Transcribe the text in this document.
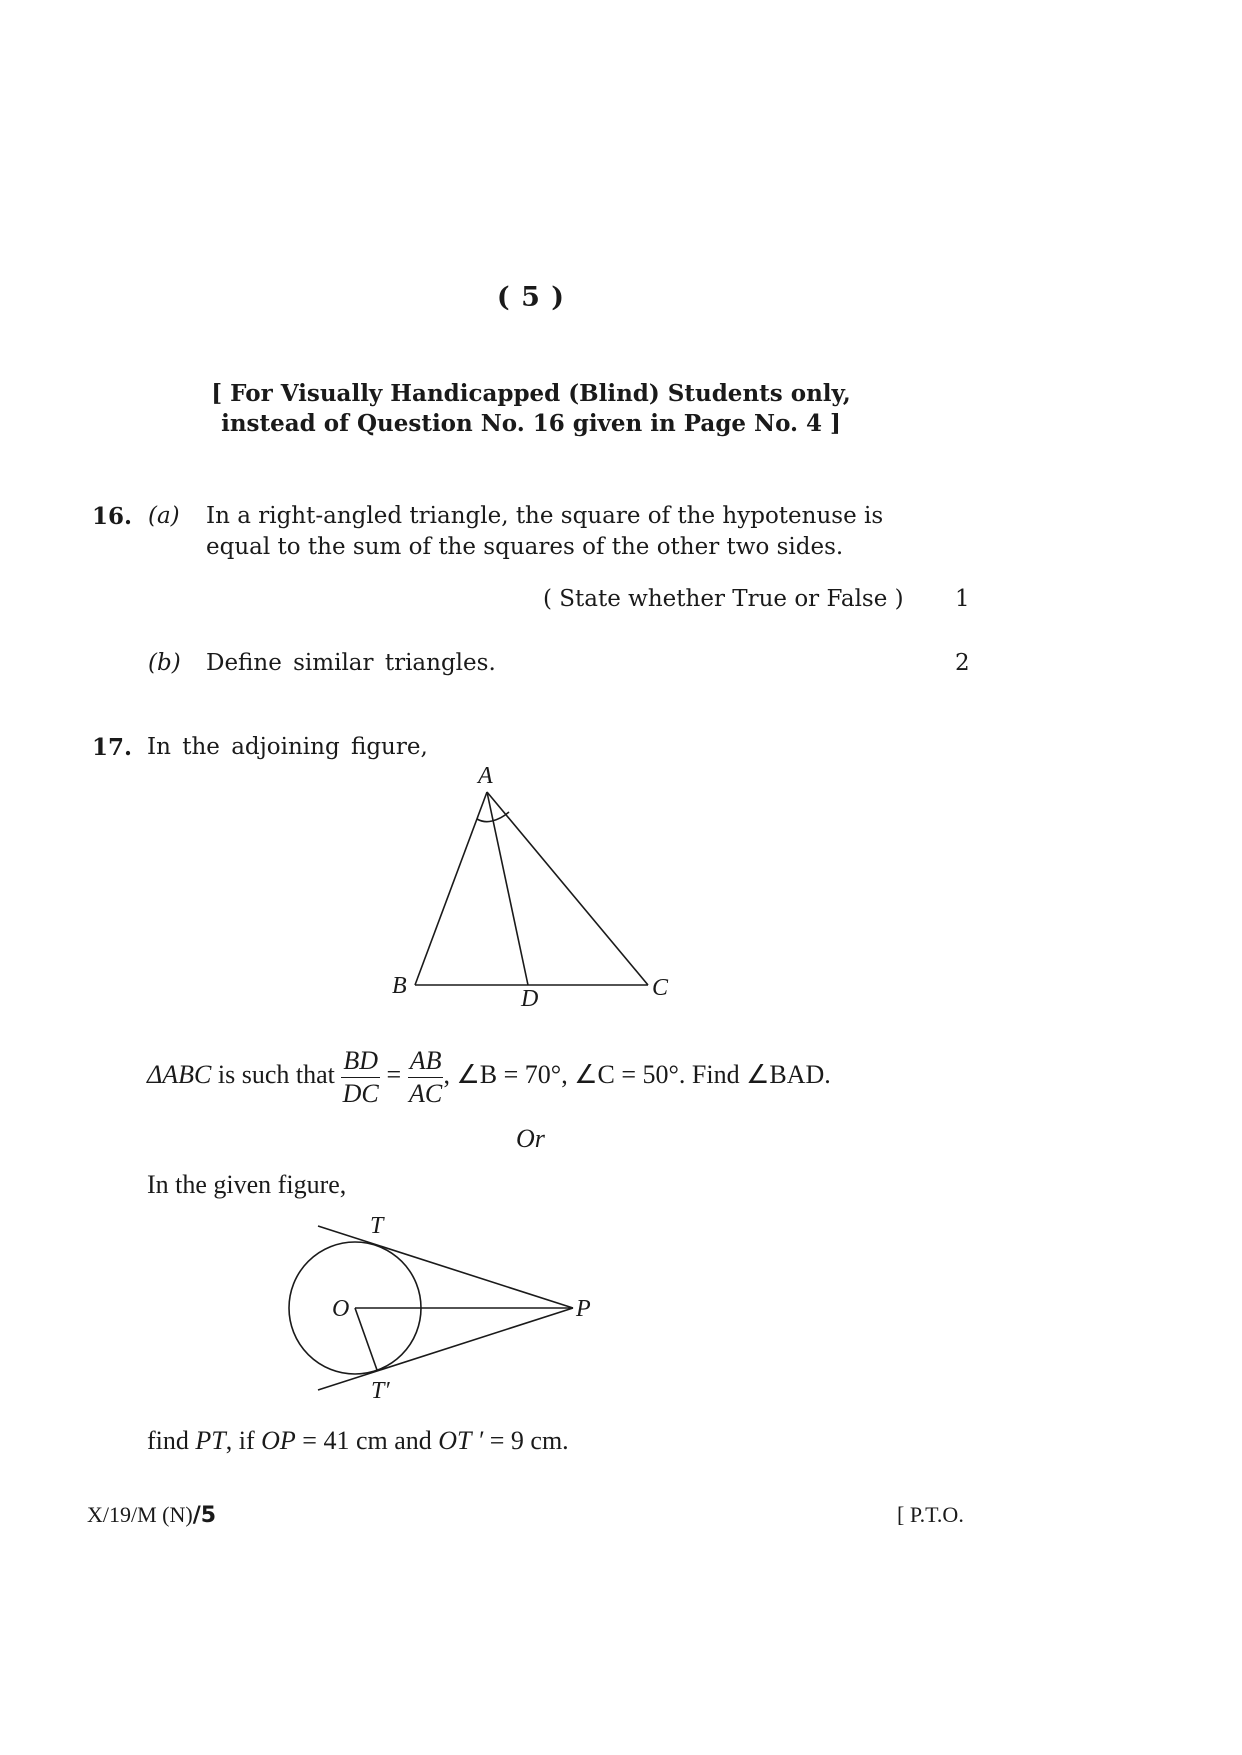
( 5 )
[ For Visually Handicapped (Blind) Students only,
instead of Question No. 16 given in Page No. 4 ]
16. (a) In a right-angled triangle, the square of the hypotenuse is
equal to the sum of the squares of the other two sides.
( State whether True or False ) 1
(b) Define similar triangles.	2
17. In the adjoining figure,
A
B	D	C
ΔABC is such that $\frac{BD}{DC} = \frac{AB}{AC}$ , ∠B = 70°, ∠C = 50°. Find ∠BAD.
Or
In the given figure,
T
O	P
T′
find PT, if OP = 41 cm and OT ′ = 9 cm.
X/19/M (N)/5	[ P.T.O.
